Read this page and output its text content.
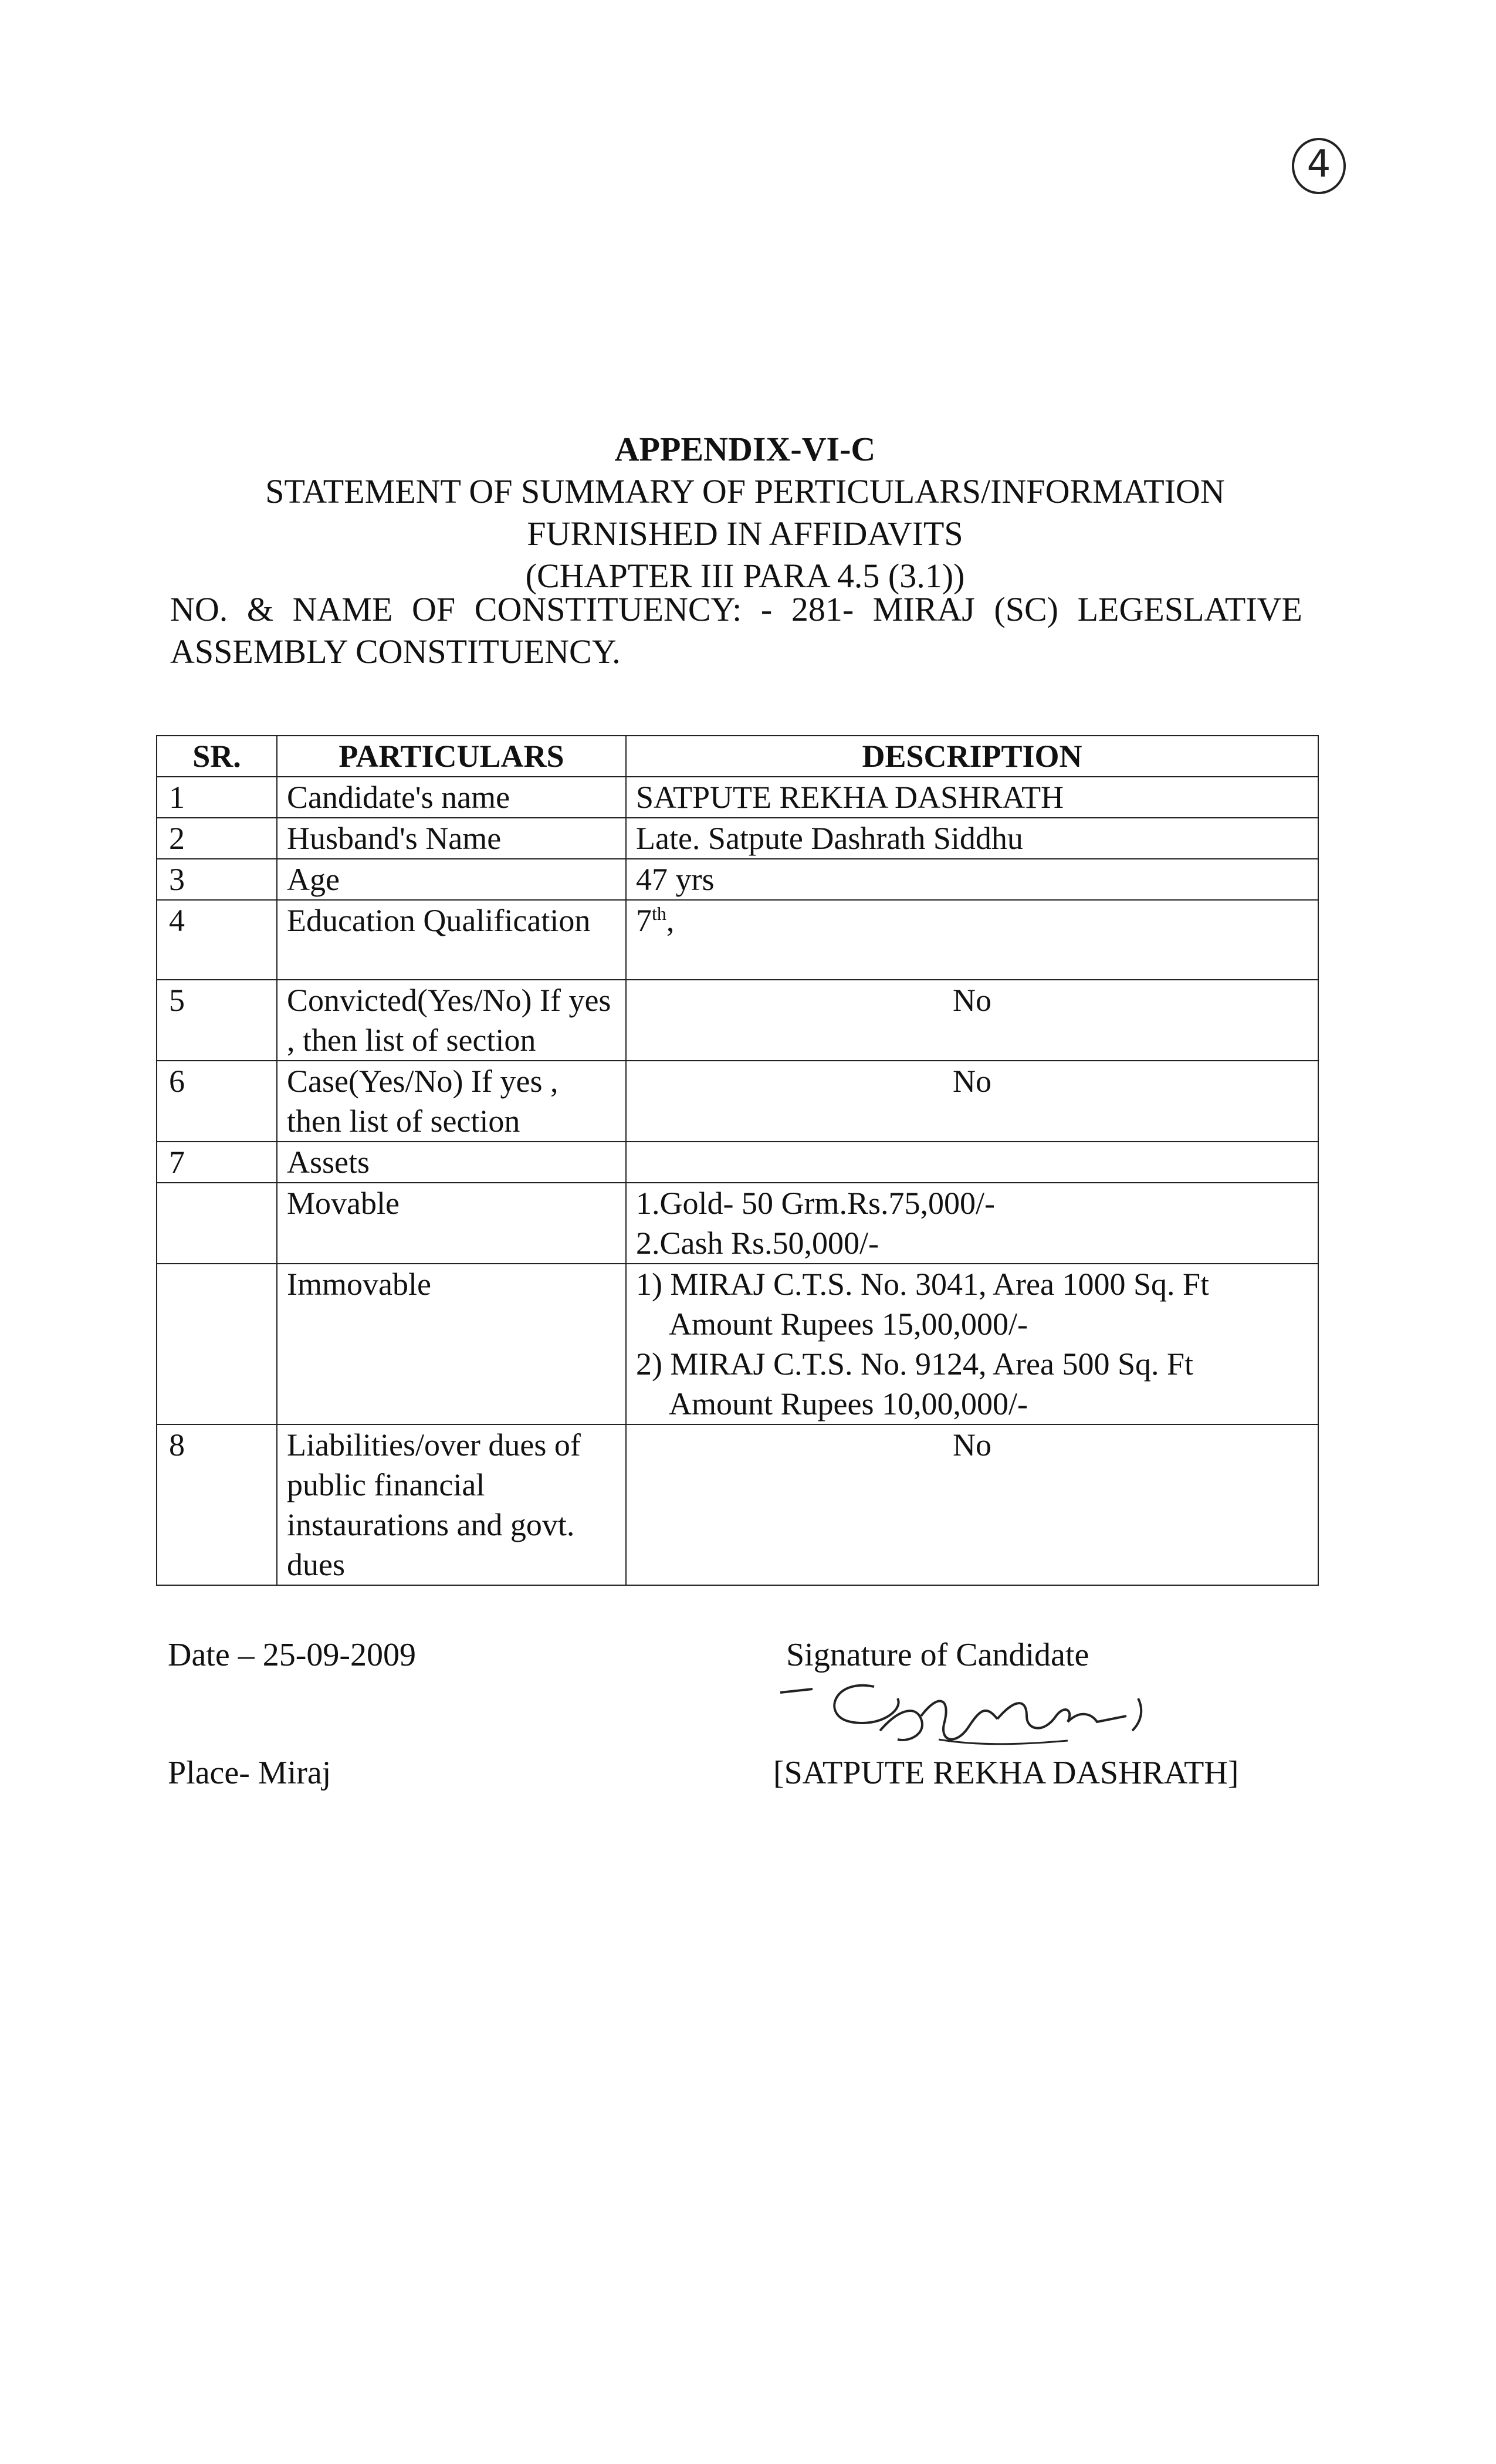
4
APPENDIX-VI-C
STATEMENT OF SUMMARY OF PERTICULARS/INFORMATION
FURNISHED IN AFFIDAVITS
(CHAPTER III PARA 4.5 (3.1))
NO. & NAME OF CONSTITUENCY: - 281- MIRAJ (SC) LEGESLATIVE ASSEMBLY CONSTITUENCY.
SR.	PARTICULARS	DESCRIPTION
1	Candidate's name	SATPUTE REKHA DASHRATH
2	Husband's Name	Late. Satpute Dashrath Siddhu
3	Age	47 yrs
4	Education Qualification	7th,
5	Convicted(Yes/No) If yes , then list of section	No
6	Case(Yes/No) If yes , then list of section	No
7	Assets	
	Movable	1.Gold- 50 Grm.Rs.75,000/-
2.Cash Rs.50,000/-

	Immovable	1) MIRAJ C.T.S. No. 3041, Area 1000 Sq. Ft
Amount Rupees 15,00,000/-
2) MIRAJ C.T.S. No. 9124, Area 500 Sq. Ft
Amount Rupees 10,00,000/-

8	Liabilities/over dues of public financial instaurations and govt. dues	No
Date – 25-09-2009
Place- Miraj
Signature of Candidate
[SATPUTE REKHA DASHRATH]
